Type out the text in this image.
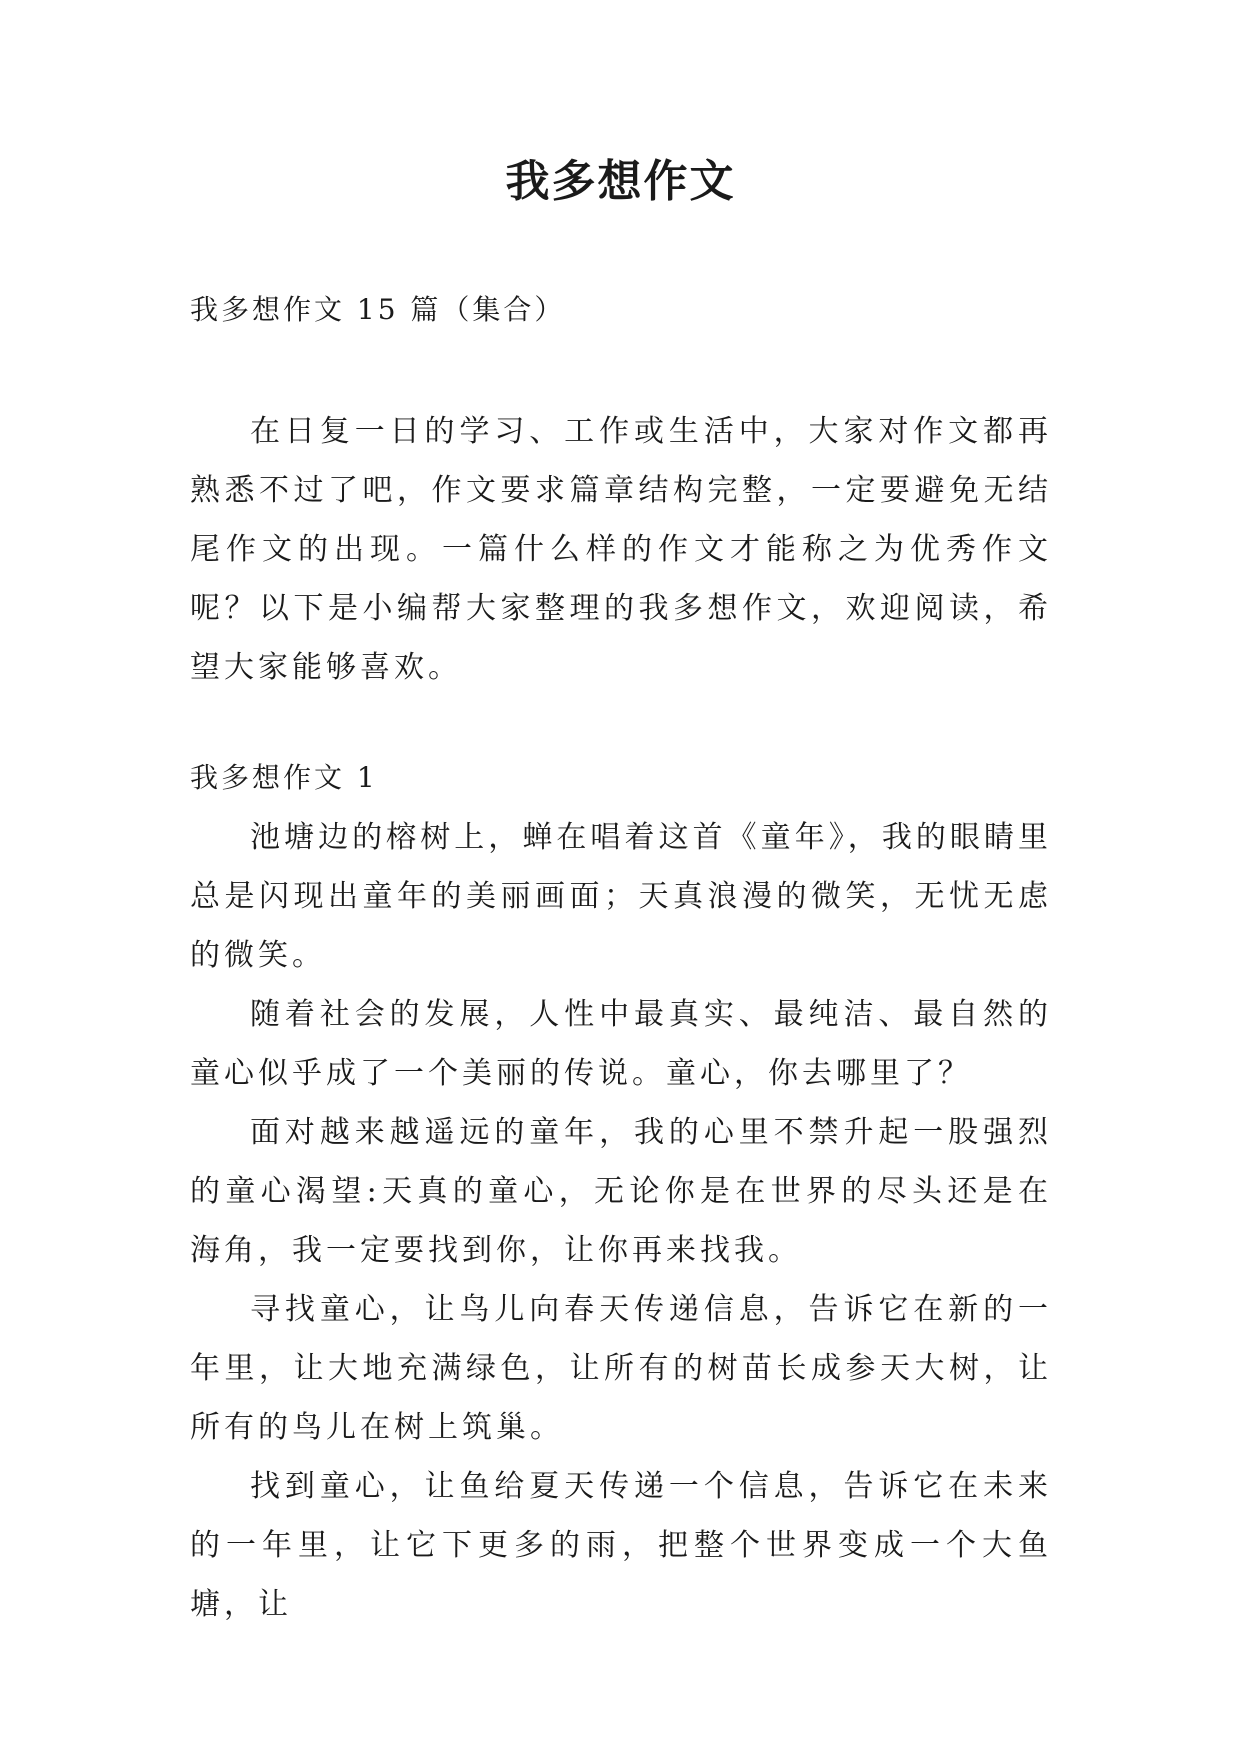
我多想作文
我多想作文 15 篇（集合）

在日复一日的学习、工作或生活中，大家对作文都再熟悉不过了吧，作文要求篇章结构完整，一定要避免无结尾作文的出现。一篇什么样的作文才能称之为优秀作文呢？以下是小编帮大家整理的我多想作文，欢迎阅读，希望大家能够喜欢。

我多想作文 1

池塘边的榕树上，蝉在唱着这首《童年》，我的眼睛里总是闪现出童年的美丽画面；天真浪漫的微笑，无忧无虑的微笑。

随着社会的发展，人性中最真实、最纯洁、最自然的童心似乎成了一个美丽的传说。童心，你去哪里了？

面对越来越遥远的童年，我的心里不禁升起一股强烈的童心渴望:天真的童心，无论你是在世界的尽头还是在海角，我一定要找到你，让你再来找我。

寻找童心，让鸟儿向春天传递信息，告诉它在新的一年里，让大地充满绿色，让所有的树苗长成参天大树，让所有的鸟儿在树上筑巢。

找到童心，让鱼给夏天传递一个信息，告诉它在未来的一年里，让它下更多的雨，把整个世界变成一个大鱼塘，让
